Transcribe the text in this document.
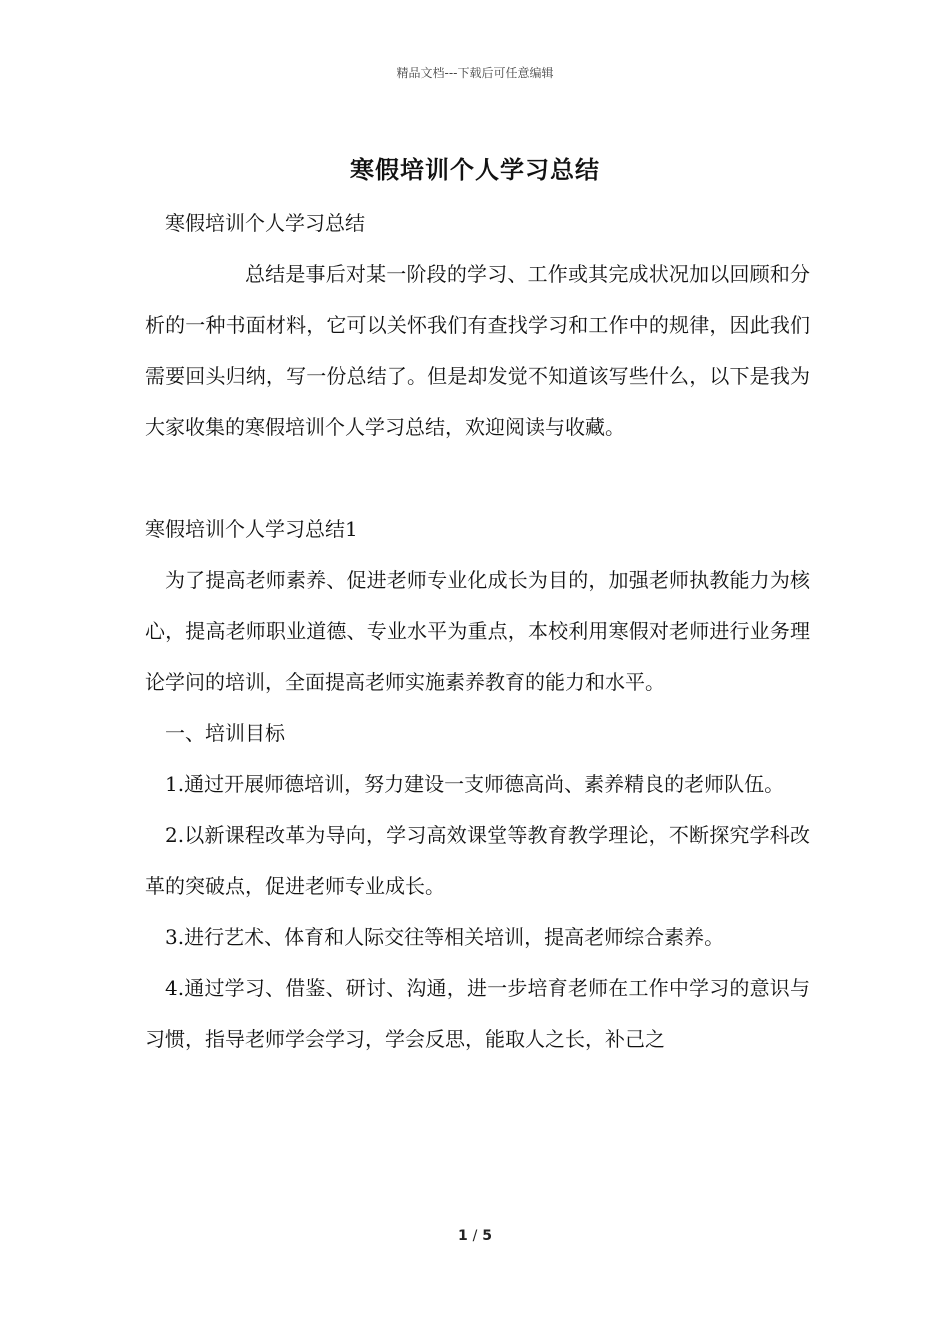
精品文档---下载后可任意编辑
寒假培训个人学习总结

寒假培训个人学习总结

总结是事后对某一阶段的学习、工作或其完成状况加以回顾和分析的一种书面材料，它可以关怀我们有查找学习和工作中的规律，因此我们需要回头归纳，写一份总结了。但是却发觉不知道该写些什么，以下是我为大家收集的寒假培训个人学习总结，欢迎阅读与收藏。

寒假培训个人学习总结1

为了提高老师素养、促进老师专业化成长为目的，加强老师执教能力为核心，提高老师职业道德、专业水平为重点，本校利用寒假对老师进行业务理论学问的培训，全面提高老师实施素养教育的能力和水平。

一、培训目标

1.通过开展师德培训，努力建设一支师德高尚、素养精良的老师队伍。

2.以新课程改革为导向，学习高效课堂等教育教学理论，不断探究学科改革的突破点，促进老师专业成长。

3.进行艺术、体育和人际交往等相关培训，提高老师综合素养。

4.通过学习、借鉴、研讨、沟通，进一步培育老师在工作中学习的意识与习惯，指导老师学会学习，学会反思，能取人之长，补己之

1 / 5
